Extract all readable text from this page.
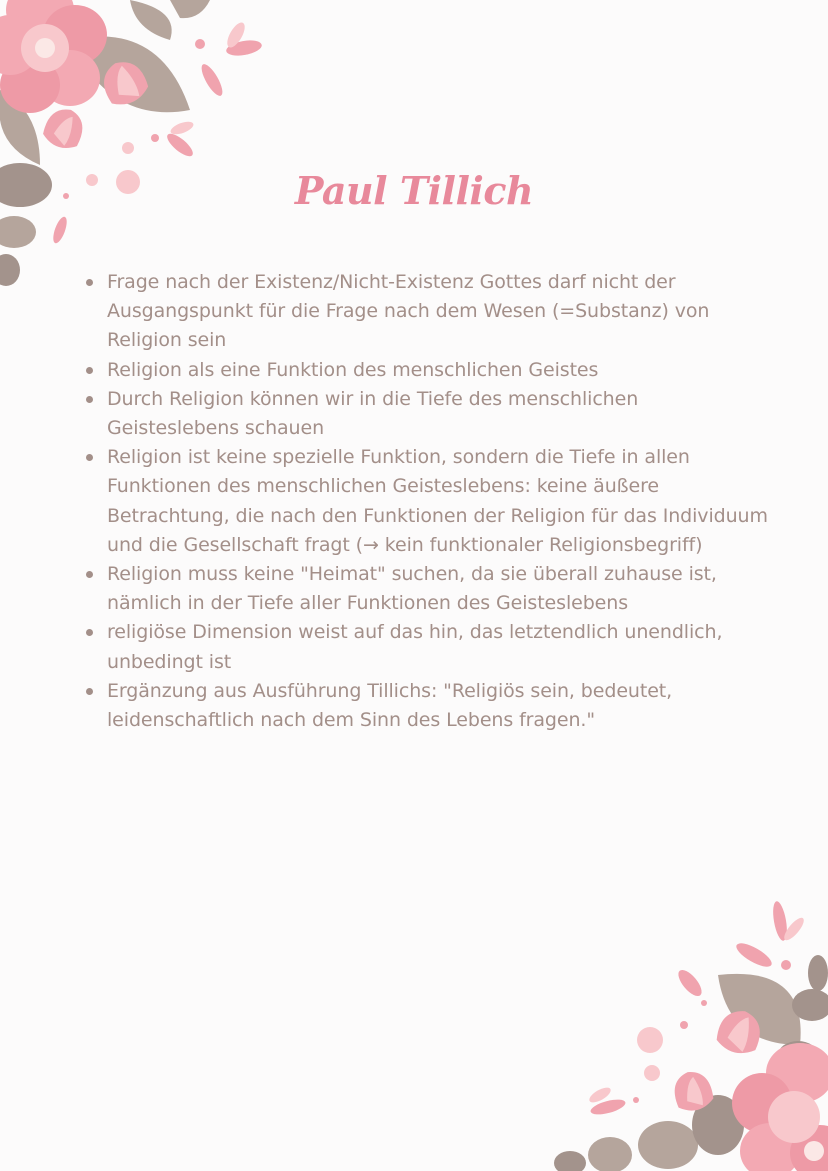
Paul Tillich
Frage nach der Existenz/Nicht-Existenz Gottes darf nicht der Ausgangspunkt für die Frage nach dem Wesen (=Substanz) von Religion sein
Religion als eine Funktion des menschlichen Geistes
Durch Religion können wir in die Tiefe des menschlichen Geisteslebens schauen
Religion ist keine spezielle Funktion, sondern die Tiefe in allen Funktionen des menschlichen Geisteslebens: keine äußere Betrachtung, die nach den Funktionen der Religion für das Individuum und die Gesellschaft fragt (→ kein funktionaler Religionsbegriff)
Religion muss keine "Heimat" suchen, da sie überall zuhause ist, nämlich in der Tiefe aller Funktionen des Geisteslebens
religiöse Dimension weist auf das hin, das letztendlich unendlich, unbedingt ist
Ergänzung aus Ausführung Tillichs: "Religiös sein, bedeutet, leidenschaftlich nach dem Sinn des Lebens fragen."
